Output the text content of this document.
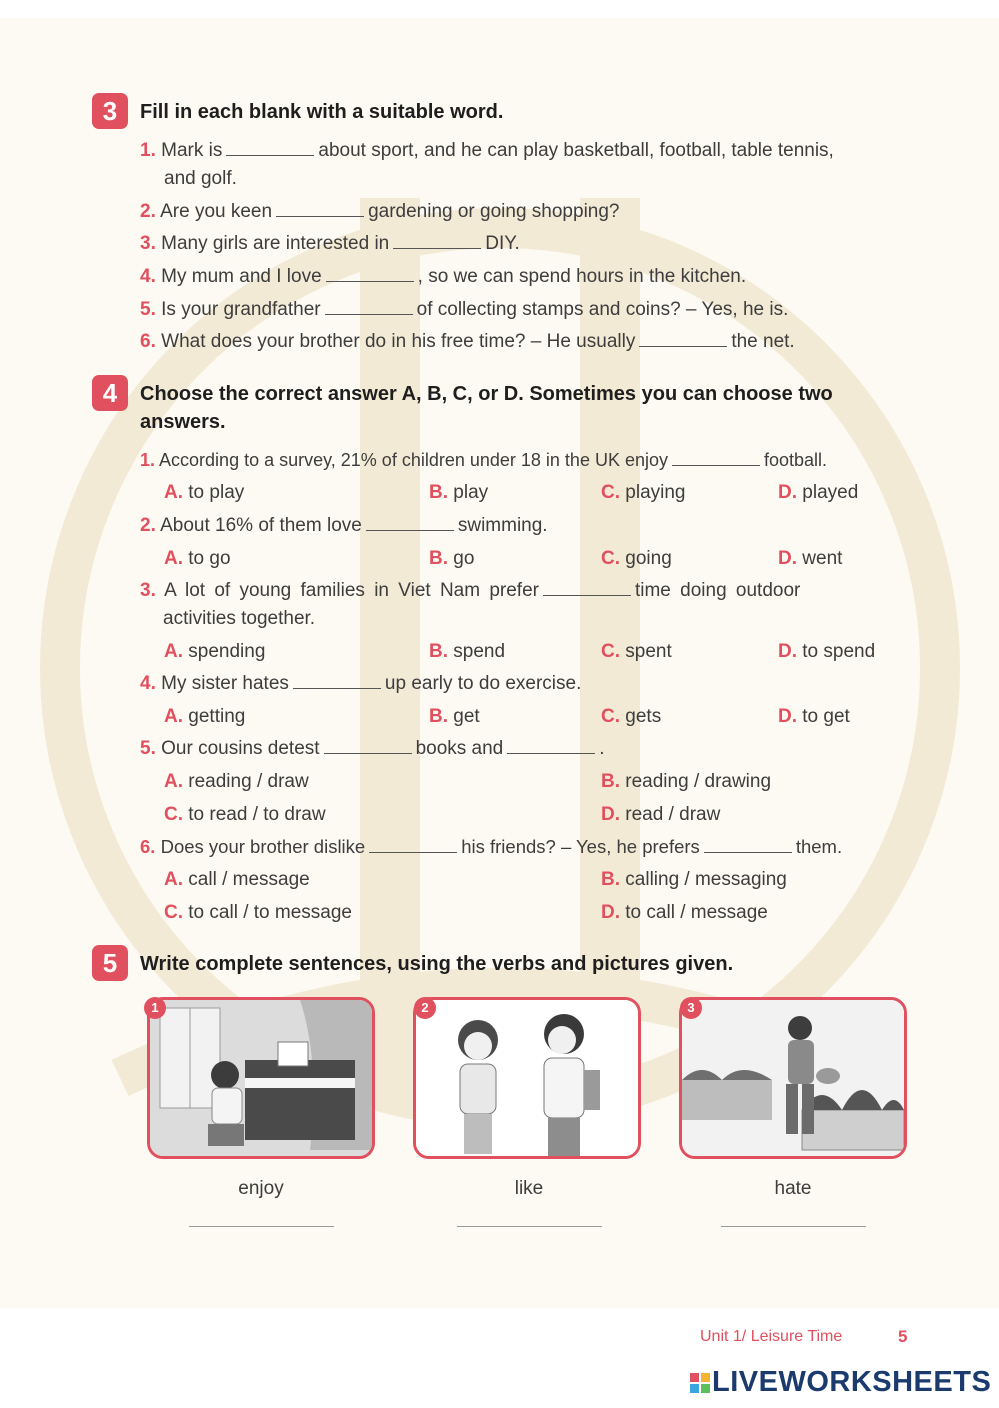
3	Fill in each blank with a suitable word.
1. Mark is	about sport, and he can play basketball, football, table tennis,
and golf.
2. Are you keen	gardening or going shopping?
3. Many girls are interested in	DIY.
4. My mum and I love	, so we can spend hours in the kitchen.
5. Is your grandfather	of collecting stamps and coins? – Yes, he is.
6. What does your brother do in his free time? – He usually	the net.
4	Choose the correct answer A, B, C, or D. Sometimes you can choose two answers.
1. According to a survey, 21% of children under 18 in the UK enjoy	football.
A. to play	B. play	C. playing	D. played
2. About 16% of them love	swimming.
A. to go	B. go	C. going	D. went
3. A lot of young families in Viet Nam prefer	time doing outdoor
activities together.
A. spending	B. spend	C. spent	D. to spend
4. My sister hates	up early to do exercise.
A. getting	B. get	C. gets	D. to get
5. Our cousins detest	books and	.
A. reading / draw	B. reading / drawing
C. to read / to draw	D. read / draw
6. Does your brother dislike	his friends? – Yes, he prefers	them.
A. call / message	B. calling / messaging
C. to call / to message	D. to call / message
5	Write complete sentences, using the verbs and pictures given.
1	2	3
enjoy	like	hate
Unit 1/ Leisure Time	5
LIVEWORKSHEETS
